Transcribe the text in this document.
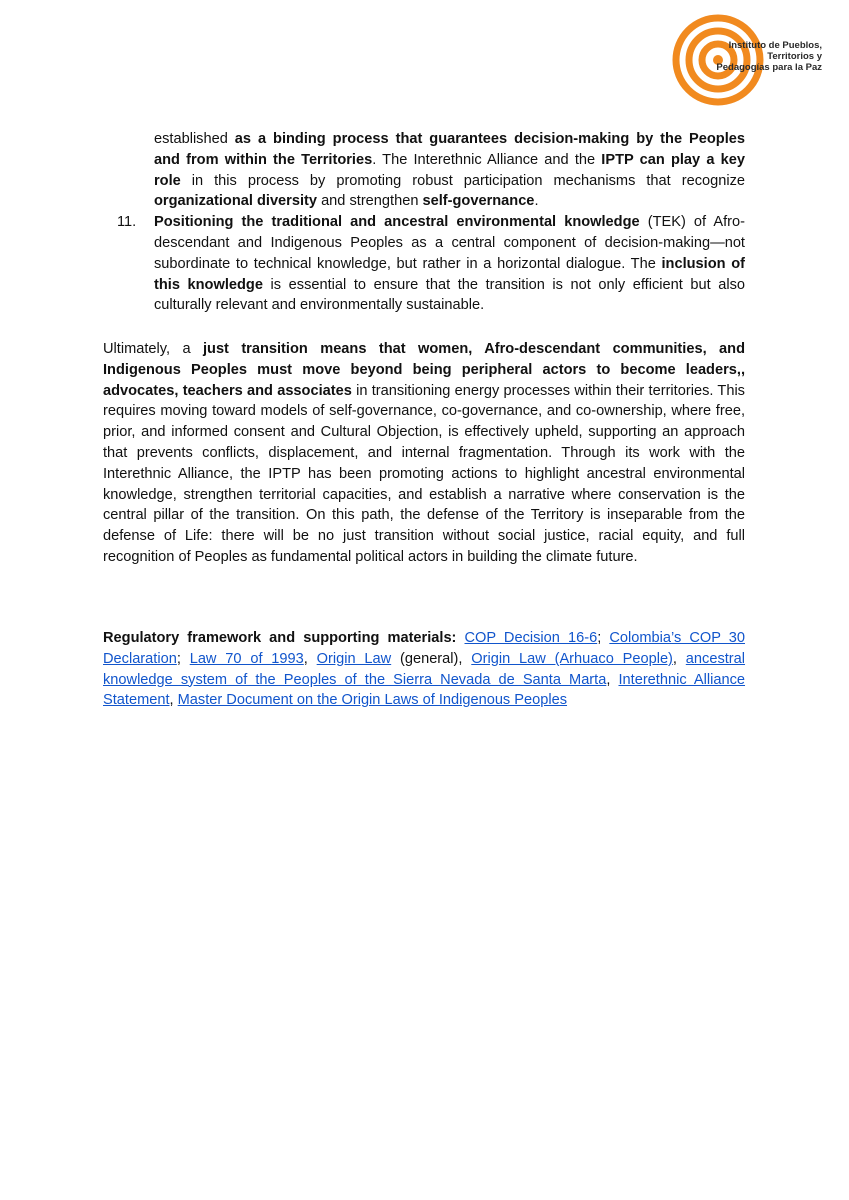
Instituto de Pueblos,
Territorios y
Pedagogías para la Paz
established as a binding process that guarantees decision-making by the Peoples and from within the Territories. The Interethnic Alliance and the IPTP can play a key role in this process by promoting robust participation mechanisms that recognize organizational diversity and strengthen self-governance.
11. Positioning the traditional and ancestral environmental knowledge (TEK) of Afro-descendant and Indigenous Peoples as a central component of decision-making—not subordinate to technical knowledge, but rather in a horizontal dialogue. The inclusion of this knowledge is essential to ensure that the transition is not only efficient but also culturally relevant and environmentally sustainable.

Ultimately, a just transition means that women, Afro-descendant communities, and Indigenous Peoples must move beyond being peripheral actors to become leaders,, advocates, teachers and associates in transitioning energy processes within their territories. This requires moving toward models of self-governance, co-governance, and co-ownership, where free, prior, and informed consent and Cultural Objection, is effectively upheld, supporting an approach that prevents conflicts, displacement, and internal fragmentation. Through its work with the Interethnic Alliance, the IPTP has been promoting actions to highlight ancestral environmental knowledge, strengthen territorial capacities, and establish a narrative where conservation is the central pillar of the transition. On this path, the defense of the Territory is inseparable from the defense of Life: there will be no just transition without social justice, racial equity, and full recognition of Peoples as fundamental political actors in building the climate future.

Regulatory framework and supporting materials: COP Decision 16-6; Colombia’s COP 30 Declaration; Law 70 of 1993, Origin Law (general), Origin Law (Arhuaco People), ancestral knowledge system of the Peoples of the Sierra Nevada de Santa Marta, Interethnic Alliance Statement, Master Document on the Origin Laws of Indigenous Peoples
